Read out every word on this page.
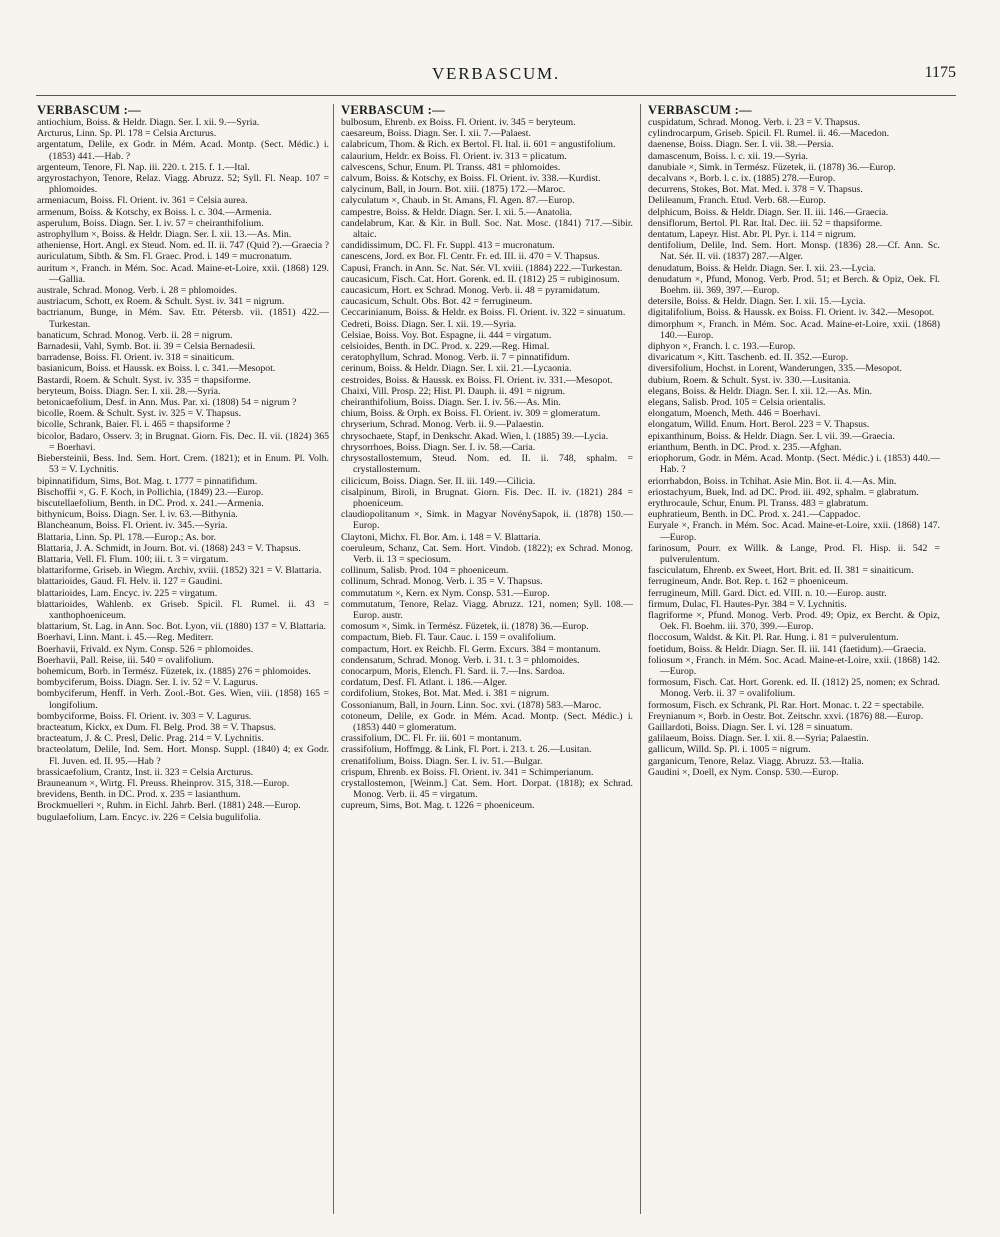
VERBASCUM.	1175
VERBASCUM :—
antiochium, Boiss. & Heldr. Diagn. Ser. I. xii. 9.—Syria.
Arcturus, Linn. Sp. Pl. 178 = Celsia Arcturus.
argentatum, Delile, ex Godr. in Mém. Acad. Montp. (Sect. Médic.) i. (1853) 441.—Hab. ?
argenteum, Tenore, Fl. Nap. iii. 220. t. 215. f. 1.—Ital.
argyrostachyon, Tenore, Relaz. Viagg. Abruzz. 52; Syll. Fl. Neap. 107 = phlomoides.
armeniacum, Boiss. Fl. Orient. iv. 361 = Celsia aurea.
armenum, Boiss. & Kotschy, ex Boiss. l. c. 304.—Armenia.
asperulum, Boiss. Diagn. Ser. I. iv. 57 = cheiranthifolium.
astrophyllum ×, Boiss. & Heldr. Diagn. Ser. I. xii. 13.—As. Min.
atheniense, Hort. Angl. ex Steud. Nom. ed. II. ii. 747 (Quid ?).—Graecia ?
auriculatum, Sibth. & Sm. Fl. Graec. Prod. i. 149 = mucronatum.
auritum ×, Franch. in Mém. Soc. Acad. Maine-et-Loire, xxii. (1868) 129.—Gallia.
australe, Schrad. Monog. Verb. i. 28 = phlomoides.
austriacum, Schott, ex Roem. & Schult. Syst. iv. 341 = nigrum.
bactrianum, Bunge, in Mém. Sav. Etr. Pétersb. vii. (1851) 422.—Turkestan.
banaticum, Schrad. Monog. Verb. ii. 28 = nigrum.
Barnadesii, Vahl, Symb. Bot. ii. 39 = Celsia Bernadesii.
barradense, Boiss. Fl. Orient. iv. 318 = sinaiticum.
basianicum, Boiss. et Haussk. ex Boiss. l. c. 341.—Mesopot.
Bastardi, Roem. & Schult. Syst. iv. 335 = thapsiforme.
beryteum, Boiss. Diagn. Ser. I. xii. 28.—Syria.
betonicaefolium, Desf. in Ann. Mus. Par. xi. (1808) 54 = nigrum ?
bicolle, Roem. & Schult. Syst. iv. 325 = V. Thapsus.
bicolle, Schrank, Baier. Fl. i. 465 = thapsiforme ?
bicolor, Badaro, Osserv. 3; in Brugnat. Giorn. Fis. Dec. II. vii. (1824) 365 = Boerhavi.
Biebersteinii, Bess. Ind. Sem. Hort. Crem. (1821); et in Enum. Pl. Volh. 53 = V. Lychnitis.
bipinnatifidum, Sims, Bot. Mag. t. 1777 = pinnatifidum.
Bischoffii ×, G. F. Koch, in Pollichia, (1849) 23.—Europ.
biscutellaefolium, Benth. in DC. Prod. x. 241.—Armenia.
bithynicum, Boiss. Diagn. Ser. I. iv. 63.—Bithynia.
Blancheanum, Boiss. Fl. Orient. iv. 345.—Syria.
Blattaria, Linn. Sp. Pl. 178.—Europ.; As. bor.
Blattaria, J. A. Schmidt, in Journ. Bot. vi. (1868) 243 = V. Thapsus.
Blattaria, Vell. Fl. Flum. 100; iii. t. 3 = virgatum.
blattariforme, Griseb. in Wiegm. Archiv, xviii. (1852) 321 = V. Blattaria.
blattarioides, Gaud. Fl. Helv. ii. 127 = Gaudini.
blattarioides, Lam. Encyc. iv. 225 = virgatum.
blattarioides, Wahlenb. ex Griseb. Spicil. Fl. Rumel. ii. 43 = xanthophoeniceum.
blattarium, St. Lag. in Ann. Soc. Bot. Lyon, vii. (1880) 137 = V. Blattaria.
Boerhavi, Linn. Mant. i. 45.—Reg. Mediterr.
Boerhavii, Frivald. ex Nym. Consp. 526 = phlomoides.
Boerhavii, Pall. Reise, iii. 540 = ovalifolium.
bohemicum, Borb. in Termész. Füzetek, ix. (1885) 276 = phlomoides.
bombyciferum, Boiss. Diagn. Ser. I. iv. 52 = V. Lagurus.
bombyciferum, Henff. in Verh. Zool.-Bot. Ges. Wien, viii. (1858) 165 = longifolium.
bombyciforme, Boiss. Fl. Orient. iv. 303 = V. Lagurus.
bracteatum, Kickx, ex Dum. Fl. Belg. Prod. 38 = V. Thapsus.
bracteatum, J. & C. Presl, Delic. Prag. 214 = V. Lychnitis.
bracteolatum, Delile, Ind. Sem. Hort. Monsp. Suppl. (1840) 4; ex Godr. Fl. Juven. ed. II. 95.—Hab ?
brassicaefolium, Crantz, Inst. ii. 323 = Celsia Arcturus.
Brauneanum ×, Wirtg. Fl. Preuss. Rheinprov. 315, 318.—Europ.
brevidens, Benth. in DC. Prod. x. 235 = lasianthum.
Brockmuelleri ×, Ruhm. in Eichl. Jahrb. Berl. (1881) 248.—Europ.
bugulaefolium, Lam. Encyc. iv. 226 = Celsia bugulifolia.
VERBASCUM :—
bulbosum, Ehrenb. ex Boiss. Fl. Orient. iv. 345 = beryteum.
caesareum, Boiss. Diagn. Ser. I. xii. 7.—Palaest.
calabricum, Thom. & Rich. ex Bertol. Fl. Ital. ii. 601 = angustifolium.
calaurium, Heldr. ex Boiss. Fl. Orient. iv. 313 = plicatum.
calvescens, Schur, Enum. Pl. Transs. 481 = phlomoides.
calvum, Boiss. & Kotschy, ex Boiss. Fl. Orient. iv. 338.—Kurdist.
calycinum, Ball, in Journ. Bot. xiii. (1875) 172.—Maroc.
calyculatum ×, Chaub. in St. Amans, Fl. Agen. 87.—Europ.
campestre, Boiss. & Heldr. Diagn. Ser. I. xii. 5.—Anatolia.
candelabrum, Kar. & Kir. in Bull. Soc. Nat. Mosc. (1841) 717.—Sibir. altaic.
candidissimum, DC. Fl. Fr. Suppl. 413 = mucronatum.
canescens, Jord. ex Bor. Fl. Centr. Fr. ed. III. ii. 470 = V. Thapsus.
Capusi, Franch. in Ann. Sc. Nat. Sér. VI. xviii. (1884) 222.—Turkestan.
caucasicum, Fisch. Cat. Hort. Gorenk. ed. II. (1812) 25 = rubiginosum.
caucasicum, Hort. ex Schrad. Monog. Verb. ii. 48 = pyramidatum.
caucasicum, Schult. Obs. Bot. 42 = ferrugineum.
Ceccarinianum, Boiss. & Heldr. ex Boiss. Fl. Orient. iv. 322 = sinuatum.
Cedreti, Boiss. Diagn. Ser. I. xii. 19.—Syria.
Celsiae, Boiss. Voy. Bot. Espagne, ii. 444 = virgatum.
celsioides, Benth. in DC. Prod. x. 229.—Reg. Himal.
ceratophyllum, Schrad. Monog. Verb. ii. 7 = pinnatifidum.
cerinum, Boiss. & Heldr. Diagn. Ser. I. xii. 21.—Lycaonia.
cestroides, Boiss. & Haussk. ex Boiss. Fl. Orient. iv. 331.—Mesopot.
Chaixi, Vill. Prosp. 22; Hist. Pl. Dauph. ii. 491 = nigrum.
cheiranthifolium, Boiss. Diagn. Ser. I. iv. 56.—As. Min.
chium, Boiss. & Orph. ex Boiss. Fl. Orient. iv. 309 = glomeratum.
chryserium, Schrad. Monog. Verb. ii. 9.—Palaestin.
chrysochaete, Stapf, in Denkschr. Akad. Wien, l. (1885) 39.—Lycia.
chrysorrhoes, Boiss. Diagn. Ser. I. iv. 58.—Caria.
chrysostallostemum, Steud. Nom. ed. II. ii. 748, sphalm. = crystallostemum.
cilicicum, Boiss. Diagn. Ser. II. iii. 149.—Cilicia.
cisalpinum, Biroli, in Brugnat. Giorn. Fis. Dec. II. iv. (1821) 284 = phoeniceum.
claudiopolitanum ×, Simk. in Magyar NovénySapok, ii. (1878) 150.—Europ.
Claytoni, Michx. Fl. Bor. Am. i. 148 = V. Blattaria.
coeruleum, Schanz, Cat. Sem. Hort. Vindob. (1822); ex Schrad. Monog. Verb. ii. 13 = speciosum.
collinum, Salisb. Prod. 104 = phoeniceum.
collinum, Schrad. Monog. Verb. i. 35 = V. Thapsus.
commutatum ×, Kern. ex Nym. Consp. 531.—Europ.
commutatum, Tenore, Relaz. Viagg. Abruzz. 121, nomen; Syll. 108.—Europ. austr.
comosum ×, Simk. in Termész. Füzetek, ii. (1878) 36.—Europ.
compactum, Bieb. Fl. Taur. Cauc. i. 159 = ovalifolium.
compactum, Hort. ex Reichb. Fl. Germ. Excurs. 384 = montanum.
condensatum, Schrad. Monog. Verb. i. 31. t. 3 = phlomoides.
conocarpum, Moris, Elench. Fl. Sard. ii. 7.—Ins. Sardoa.
cordatum, Desf. Fl. Atlant. i. 186.—Alger.
cordifolium, Stokes, Bot. Mat. Med. i. 381 = nigrum.
Cossonianum, Ball, in Journ. Linn. Soc. xvi. (1878) 583.—Maroc.
cotoneum, Delile, ex Godr. in Mém. Acad. Montp. (Sect. Médic.) i. (1853) 440 = glomeratum.
crassifolium, DC. Fl. Fr. iii. 601 = montanum.
crassifolium, Hoffmgg. & Link, Fl. Port. i. 213. t. 26.—Lusitan.
crenatifolium, Boiss. Diagn. Ser. I. iv. 51.—Bulgar.
crispum, Ehrenb. ex Boiss. Fl. Orient. iv. 341 = Schimperianum.
crystallostemon, [Weinm.] Cat. Sem. Hort. Dorpat. (1818); ex Schrad. Monog. Verb. ii. 45 = virgatum.
cupreum, Sims, Bot. Mag. t. 1226 = phoeniceum.
VERBASCUM :—
cuspidatum, Schrad. Monog. Verb. i. 23 = V. Thapsus.
cylindrocarpum, Griseb. Spicil. Fl. Rumel. ii. 46.—Macedon.
daenense, Boiss. Diagn. Ser. I. vii. 38.—Persia.
damascenum, Boiss. l. c. xii. 19.—Syria.
danubiale ×, Simk. in Termész. Füzetek, ii. (1878) 36.—Europ.
decalvans ×, Borb. l. c. ix. (1885) 278.—Europ.
decurrens, Stokes, Bot. Mat. Med. i. 378 = V. Thapsus.
Delileanum, Franch. Etud. Verb. 68.—Europ.
delphicum, Boiss. & Heldr. Diagn. Ser. II. iii. 146.—Graecia.
densiflorum, Bertol. Pl. Rar. Ital. Dec. iii. 52 = thapsiforme.
dentatum, Lapeyr. Hist. Abr. Pl. Pyr. i. 114 = nigrum.
dentifolium, Delile, Ind. Sem. Hort. Monsp. (1836) 28.—Cf. Ann. Sc. Nat. Sér. II. vii. (1837) 287.—Alger.
denudatum, Boiss. & Heldr. Diagn. Ser. I. xii. 23.—Lycia.
denudatum ×, Pfund, Monog. Verb. Prod. 51; et Berch. & Opiz, Oek. Fl. Boehm. iii. 369, 397.—Europ.
detersile, Boiss. & Heldr. Diagn. Ser. I. xii. 15.—Lycia.
digitalifolium, Boiss. & Haussk. ex Boiss. Fl. Orient. iv. 342.—Mesopot.
dimorphum ×, Franch. in Mém. Soc. Acad. Maine-et-Loire, xxii. (1868) 140.—Europ.
diphyon ×, Franch. l. c. 193.—Europ.
divaricatum ×, Kitt. Taschenb. ed. II. 352.—Europ.
diversifolium, Hochst. in Lorent, Wanderungen, 335.—Mesopot.
dubium, Roem. & Schult. Syst. iv. 330.—Lusitania.
elegans, Boiss. & Heldr. Diagn. Ser. I. xii. 12.—As. Min.
elegans, Salisb. Prod. 105 = Celsia orientalis.
elongatum, Moench, Meth. 446 = Boerhavi.
elongatum, Willd. Enum. Hort. Berol. 223 = V. Thapsus.
epixanthinum, Boiss. & Heldr. Diagn. Ser. I. vii. 39.—Graecia.
erianthum, Benth. in DC. Prod. x. 235.—Afghan.
eriophorum, Godr. in Mém. Acad. Montp. (Sect. Médic.) i. (1853) 440.—Hab. ?
eriorrhabdon, Boiss. in Tchihat. Asie Min. Bot. ii. 4.—As. Min.
eriostachyum, Buek, Ind. ad DC. Prod. iii. 492, sphalm. = glabratum.
erythrocaule, Schur, Enum. Pl. Transs. 483 = glabratum.
euphratieum, Benth. in DC. Prod. x. 241.—Cappadoc.
Euryale ×, Franch. in Mém. Soc. Acad. Maine-et-Loire, xxii. (1868) 147.—Europ.
farinosum, Pourr. ex Willk. & Lange, Prod. Fl. Hisp. ii. 542 = pulverulentum.
fasciculatum, Ehrenb. ex Sweet, Hort. Brit. ed. II. 381 = sinaiticum.
ferrugineum, Andr. Bot. Rep. t. 162 = phoeniceum.
ferrugineum, Mill. Gard. Dict. ed. VIII. n. 10.—Europ. austr.
firmum, Dulac, Fl. Hautes-Pyr. 384 = V. Lychnitis.
flagriforme ×, Pfund. Monog. Verb. Prod. 49; Opiz, ex Bercht. & Opiz, Oek. Fl. Boehm. iii. 370, 399.—Europ.
floccosum, Waldst. & Kit. Pl. Rar. Hung. i. 81 = pulverulentum.
foetidum, Boiss. & Heldr. Diagn. Ser. II. iii. 141 (faetidum).—Graecia.
foliosum ×, Franch. in Mém. Soc. Acad. Maine-et-Loire, xxii. (1868) 142.—Europ.
formosum, Fisch. Cat. Hort. Gorenk. ed. II. (1812) 25, nomen; ex Schrad. Monog. Verb. ii. 37 = ovalifolium.
formosum, Fisch. ex Schrank, Pl. Rar. Hort. Monac. t. 22 = spectabile.
Freynianum ×, Borb. in Oestr. Bot. Zeitschr. xxvi. (1876) 88.—Europ.
Gaillardoti, Boiss. Diagn. Ser. I. vi. 128 = sinuatum.
galilaeum, Boiss. Diagn. Ser. I. xii. 8.—Syria; Palaestin.
gallicum, Willd. Sp. Pl. i. 1005 = nigrum.
garganicum, Tenore, Relaz. Viagg. Abruzz. 53.—Italia.
Gaudini ×, Doell, ex Nym. Consp. 530.—Europ.
